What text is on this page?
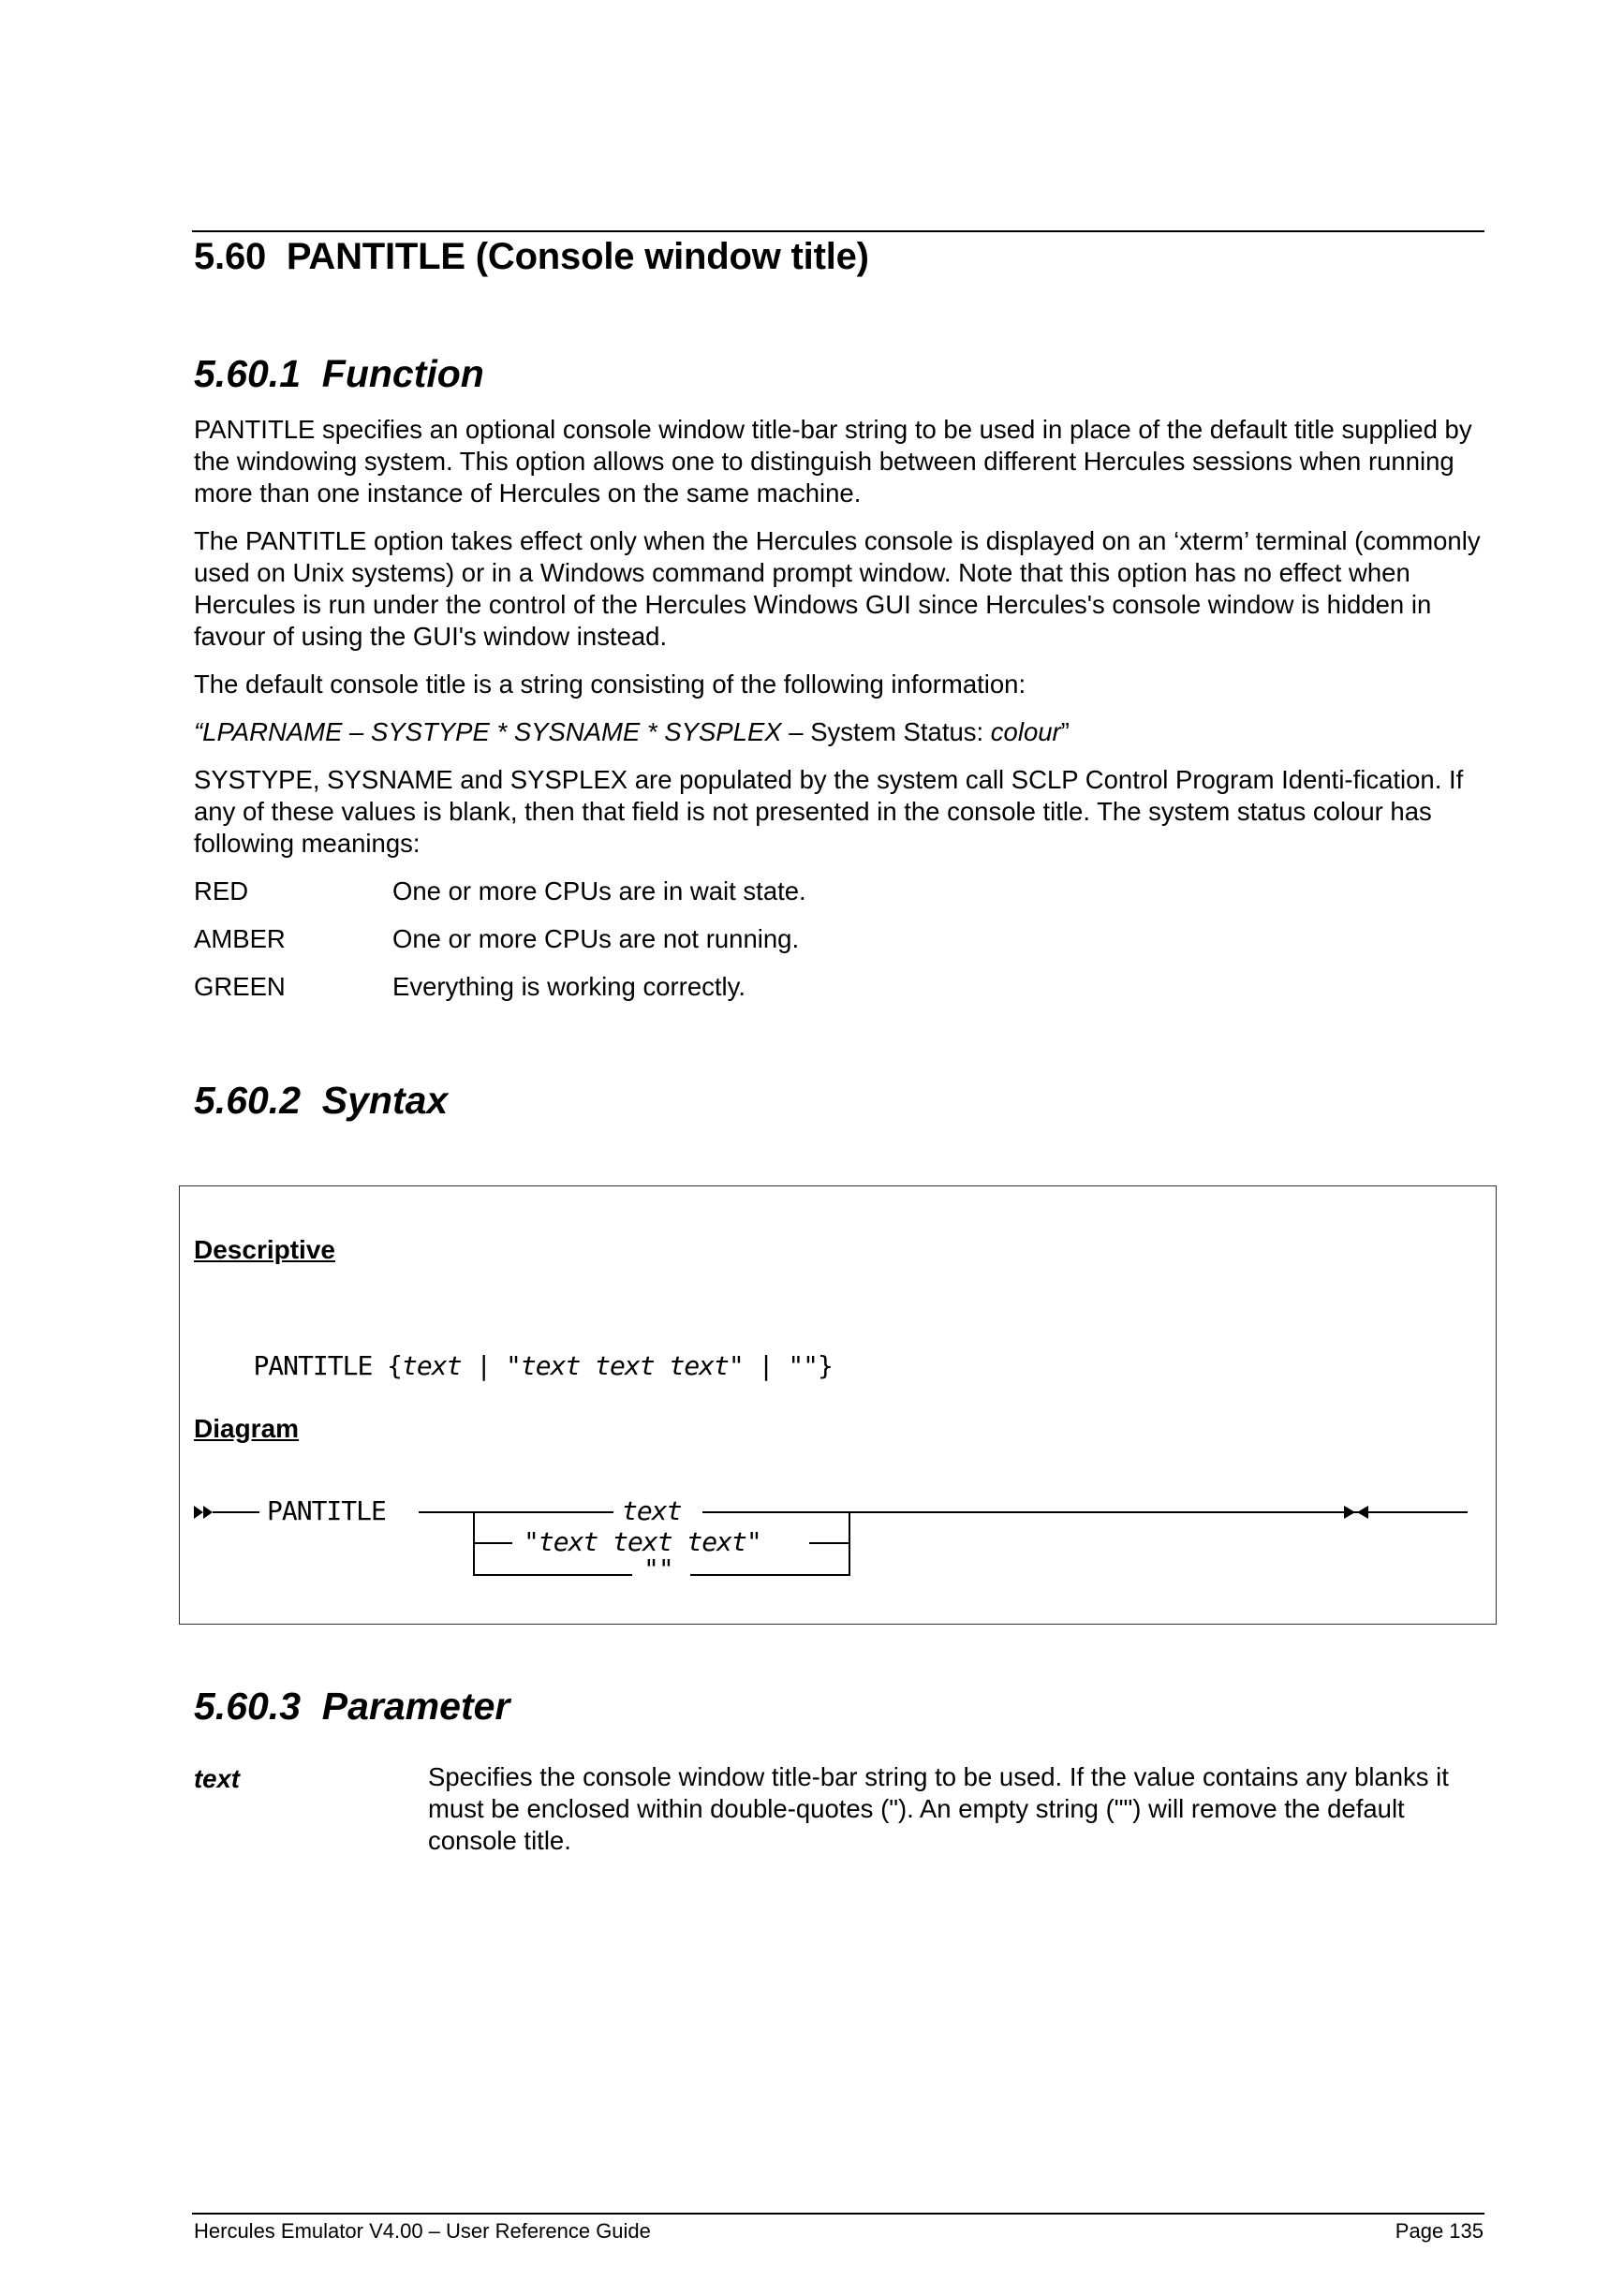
5.60  PANTITLE (Console window title)
5.60.1  Function
PANTITLE specifies an optional console window title-bar string to be used in place of the default title supplied by the windowing system. This option allows one to distinguish between different Hercules sessions when running more than one instance of Hercules on the same machine.
The PANTITLE option takes effect only when the Hercules console is displayed on an ‘xterm’ terminal (commonly used on Unix systems) or in a Windows command prompt window. Note that this option has no effect when Hercules is run under the control of the Hercules Windows GUI since Hercules's console window is hidden in favour of using the GUI's window instead.
The default console title is a string consisting of the following information:
“LPARNAME – SYSTYPE * SYSNAME * SYSPLEX – System Status: colour”
SYSTYPE, SYSNAME and SYSPLEX are populated by the system call SCLP Control Program Identi-fication. If any of these values is blank, then that field is not presented in the console title. The system status colour has following meanings:
RED	One or more CPUs are in wait state.
AMBER	One or more CPUs are not running.
GREEN	Everything is working correctly.
5.60.2  Syntax
Descriptive

PANTITLE {text | "text text text" | ""}

Diagram
PANTITLE	text
"text text text"
""
5.60.3  Parameter
text	Specifies the console window title-bar string to be used. If the value contains any blanks it must be enclosed within double-quotes ("). An empty string ("") will remove the default console title.
Hercules Emulator V4.00 – User Reference Guide	Page 135
